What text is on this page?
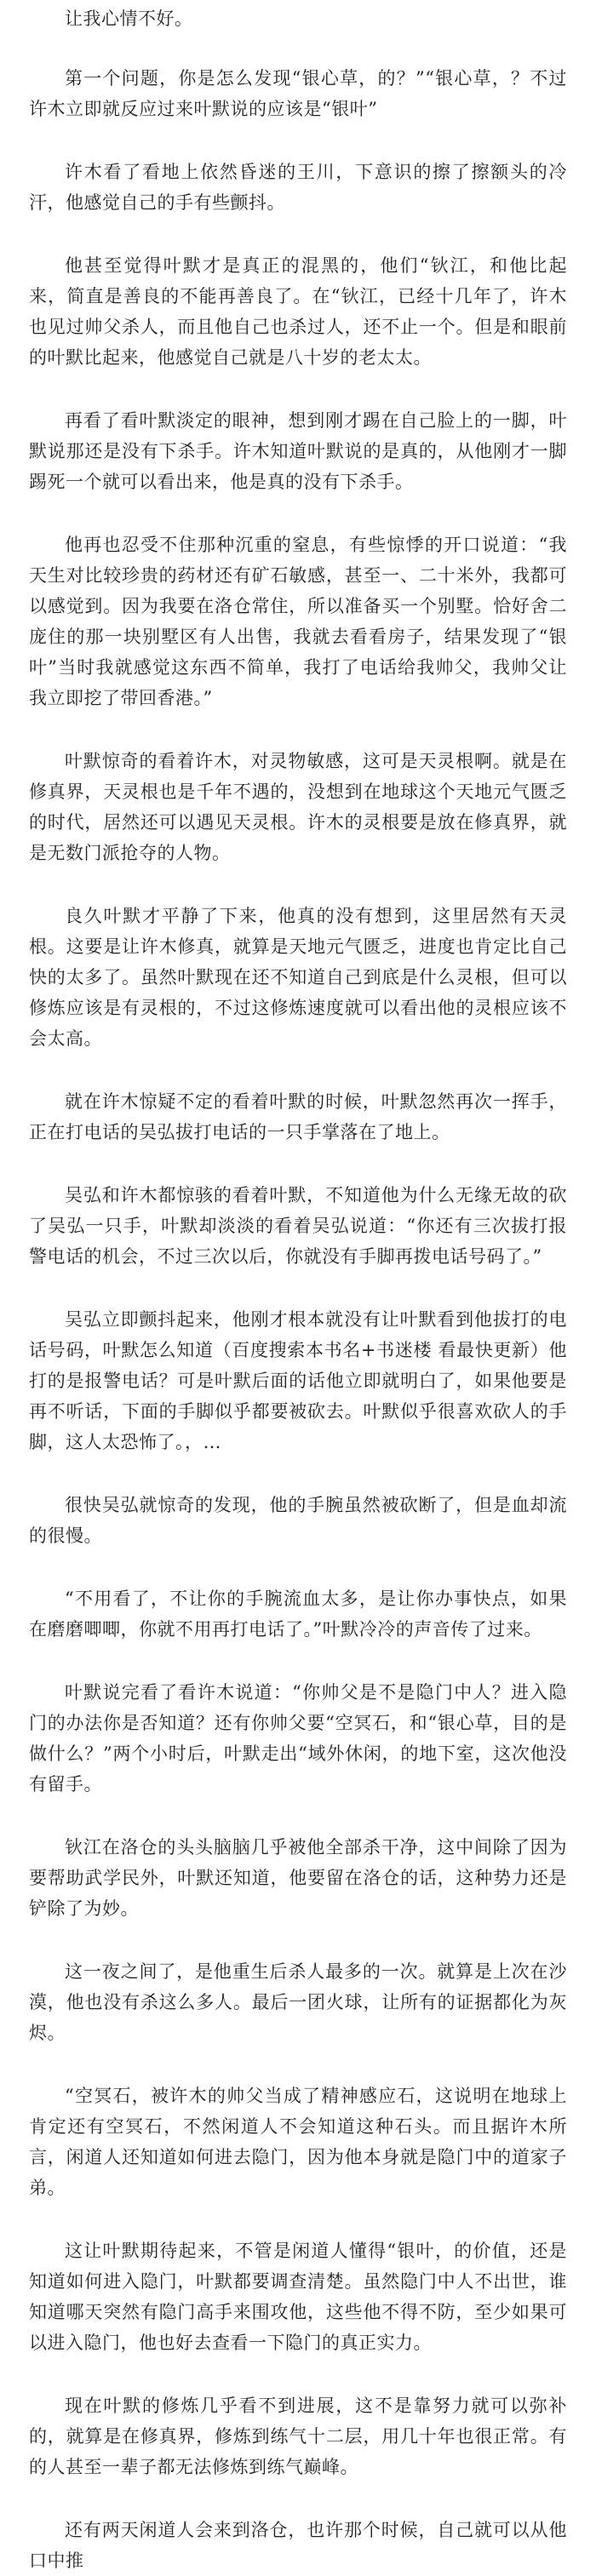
让我心情不好。

第一个问题，你是怎么发现“银心草，的？”“银心草，？不过许木立即就反应过来叶默说的应该是“银叶”

许木看了看地上依然昏迷的王川，下意识的擦了擦额头的冷汗，他感觉自己的手有些颤抖。

他甚至觉得叶默才是真正的混黑的，他们“钬江，和他比起来，简直是善良的不能再善良了。在“钬江，已经十几年了，许木也见过帅父杀人，而且他自己也杀过人，还不止一个。但是和眼前的叶默比起来，他感觉自己就是八十岁的老太太。

再看了看叶默淡定的眼神，想到刚才踢在自己脸上的一脚，叶默说那还是没有下杀手。许木知道叶默说的是真的，从他刚才一脚踢死一个就可以看出来，他是真的没有下杀手。

他再也忍受不住那种沉重的窒息，有些惊悸的开口说道：“我天生对比较珍贵的药材还有矿石敏感，甚至一、二十米外，我都可以感觉到。因为我要在洛仓常住，所以准备买一个别墅。恰好舍二庞住的那一块别墅区有人出售，我就去看看房子，结果发现了“银叶”当时我就感觉这东西不简单，我打了电话给我帅父，我帅父让我立即挖了带回香港。”

叶默惊奇的看着许木，对灵物敏感，这可是天灵根啊。就是在修真界，天灵根也是千年不遇的，没想到在地球这个天地元气匮乏的时代，居然还可以遇见天灵根。许木的灵根要是放在修真界，就是无数门派抢夺的人物。

良久叶默才平静了下来，他真的没有想到，这里居然有天灵根。这要是让许木修真，就算是天地元气匮乏，进度也肯定比自己快的太多了。虽然叶默现在还不知道自己到底是什么灵根，但可以修炼应该是有灵根的，不过这修炼速度就可以看出他的灵根应该不会太高。

就在许木惊疑不定的看着叶默的时候，叶默忽然再次一挥手，正在打电话的吴弘拔打电话的一只手掌落在了地上。

吴弘和许木都惊骇的看着叶默，不知道他为什么无缘无故的砍了吴弘一只手，叶默却淡淡的看着吴弘说道：“你还有三次拔打报警电话的机会，不过三次以后，你就没有手脚再拨电话号码了。”

吴弘立即颤抖起来，他刚才根本就没有让叶默看到他拔打的电话号码，叶默怎么知道（百度搜索本书名+书迷楼 看最快更新）他打的是报警电话？可是叶默后面的话他立即就明白了，如果他要是再不听话，下面的手脚似乎都要被砍去。叶默似乎很喜欢砍人的手脚，这人太恐怖了。，…

很快吴弘就惊奇的发现，他的手腕虽然被砍断了，但是血却流的很慢。

“不用看了，不让你的手腕流血太多，是让你办事快点，如果在磨磨唧唧，你就不用再打电话了。”叶默冷冷的声音传了过来。

叶默说完看了看许木说道：“你帅父是不是隐门中人？进入隐门的办法你是否知道？还有你帅父要“空冥石，和“银心草，目的是做什么？”两个小时后，叶默走出“域外休闲，的地下室，这次他没有留手。

钬江在洛仓的头头脑脑几乎被他全部杀干净，这中间除了因为要帮助武学民外，叶默还知道，他要留在洛仓的话，这种势力还是铲除了为妙。

这一夜之间了，是他重生后杀人最多的一次。就算是上次在沙漠，他也没有杀这么多人。最后一团火球，让所有的证据都化为灰烬。

“空冥石，被许木的帅父当成了精神感应石，这说明在地球上肯定还有空冥石，不然闲道人不会知道这种石头。而且据许木所言，闲道人还知道如何进去隐门，因为他本身就是隐门中的道家子弟。

这让叶默期待起来，不管是闲道人懂得“银叶，的价值，还是知道如何进入隐门，叶默都要调查清楚。虽然隐门中人不出世，谁知道哪天突然有隐门高手来围攻他，这些他不得不防，至少如果可以进入隐门，他也好去查看一下隐门的真正实力。

现在叶默的修炼几乎看不到进展，这不是靠努力就可以弥补的，就算是在修真界，修炼到练气十二层，用几十年也很正常。有的人甚至一辈子都无法修炼到练气巅峰。

还有两天闲道人会来到洛仓，也许那个时候，自己就可以从他口中推
